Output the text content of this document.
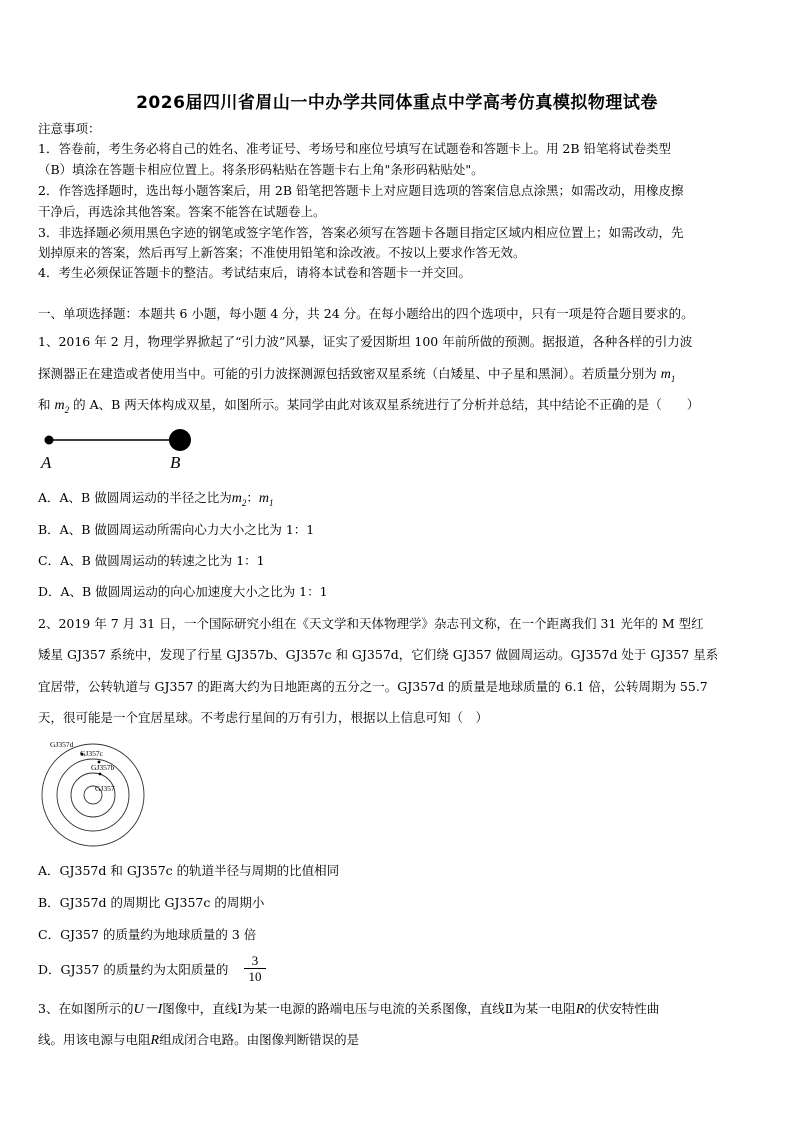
2026届四川省眉山一中办学共同体重点中学高考仿真模拟物理试卷
注意事项：
1．答卷前，考生务必将自己的姓名、准考证号、考场号和座位号填写在试题卷和答题卡上。用 2B 铅笔将试卷类型
（B）填涂在答题卡相应位置上。将条形码粘贴在答题卡右上角"条形码粘贴处"。
2．作答选择题时，选出每小题答案后，用 2B 铅笔把答题卡上对应题目选项的答案信息点涂黑；如需改动，用橡皮擦
干净后，再选涂其他答案。答案不能答在试题卷上。
3．非选择题必须用黑色字迹的钢笔或签字笔作答，答案必须写在答题卡各题目指定区域内相应位置上；如需改动，先
划掉原来的答案，然后再写上新答案；不准使用铅笔和涂改液。不按以上要求作答无效。
4．考生必须保证答题卡的整洁。考试结束后，请将本试卷和答题卡一并交回。
一、单项选择题：本题共 6 小题，每小题 4 分，共 24 分。在每小题给出的四个选项中，只有一项是符合题目要求的。
1、2016 年 2 月，物理学界掀起了“引力波”风暴，证实了爱因斯坦 100 年前所做的预测。据报道，各种各样的引力波
探测器正在建造或者使用当中。可能的引力波探测源包括致密双星系统（白矮星、中子星和黑洞）。若质量分别为 $m_1$
和 $m_2$ 的 A、B 两天体构成双星，如图所示。某同学由此对该双星系统进行了分析并总结，其中结论不正确的是（　　）
A	B
A．A、B 做圆周运动的半径之比为$m_2$：$m_1$
B．A、B 做圆周运动所需向心力大小之比为 1：1
C．A、B 做圆周运动的转速之比为 1：1
D．A、B 做圆周运动的向心加速度大小之比为 1：1
2、2019 年 7 月 31 日，一个国际研究小组在《天文学和天体物理学》杂志刊文称，在一个距离我们 31 光年的 M 型红
矮星 GJ357 系统中，发现了行星 GJ357b、GJ357c 和 GJ357d，它们绕 GJ357 做圆周运动。GJ357d 处于 GJ357 星系
宜居带，公转轨道与 GJ357 的距离大约为日地距离的五分之一。GJ357d 的质量是地球质量的 6.1 倍，公转周期为 55.7
天，很可能是一个宜居星球。不考虑行星间的万有引力，根据以上信息可知（　）
GJ357d
GJ357c
GJ357b
GJ357
A．GJ357d 和 GJ357c 的轨道半径与周期的比值相同
B．GJ357d 的周期比 GJ357c 的周期小
C．GJ357 的质量约为地球质量的 3 倍
D．GJ357 的质量约为太阳质量的	$\frac{3}{10}$
3、在如图所示的U－I图像中，直线Ⅰ为某一电源的路端电压与电流的关系图像，直线Ⅱ为某一电阻R的伏安特性曲
线。用该电源与电阻R组成闭合电路。由图像判断错误的是
